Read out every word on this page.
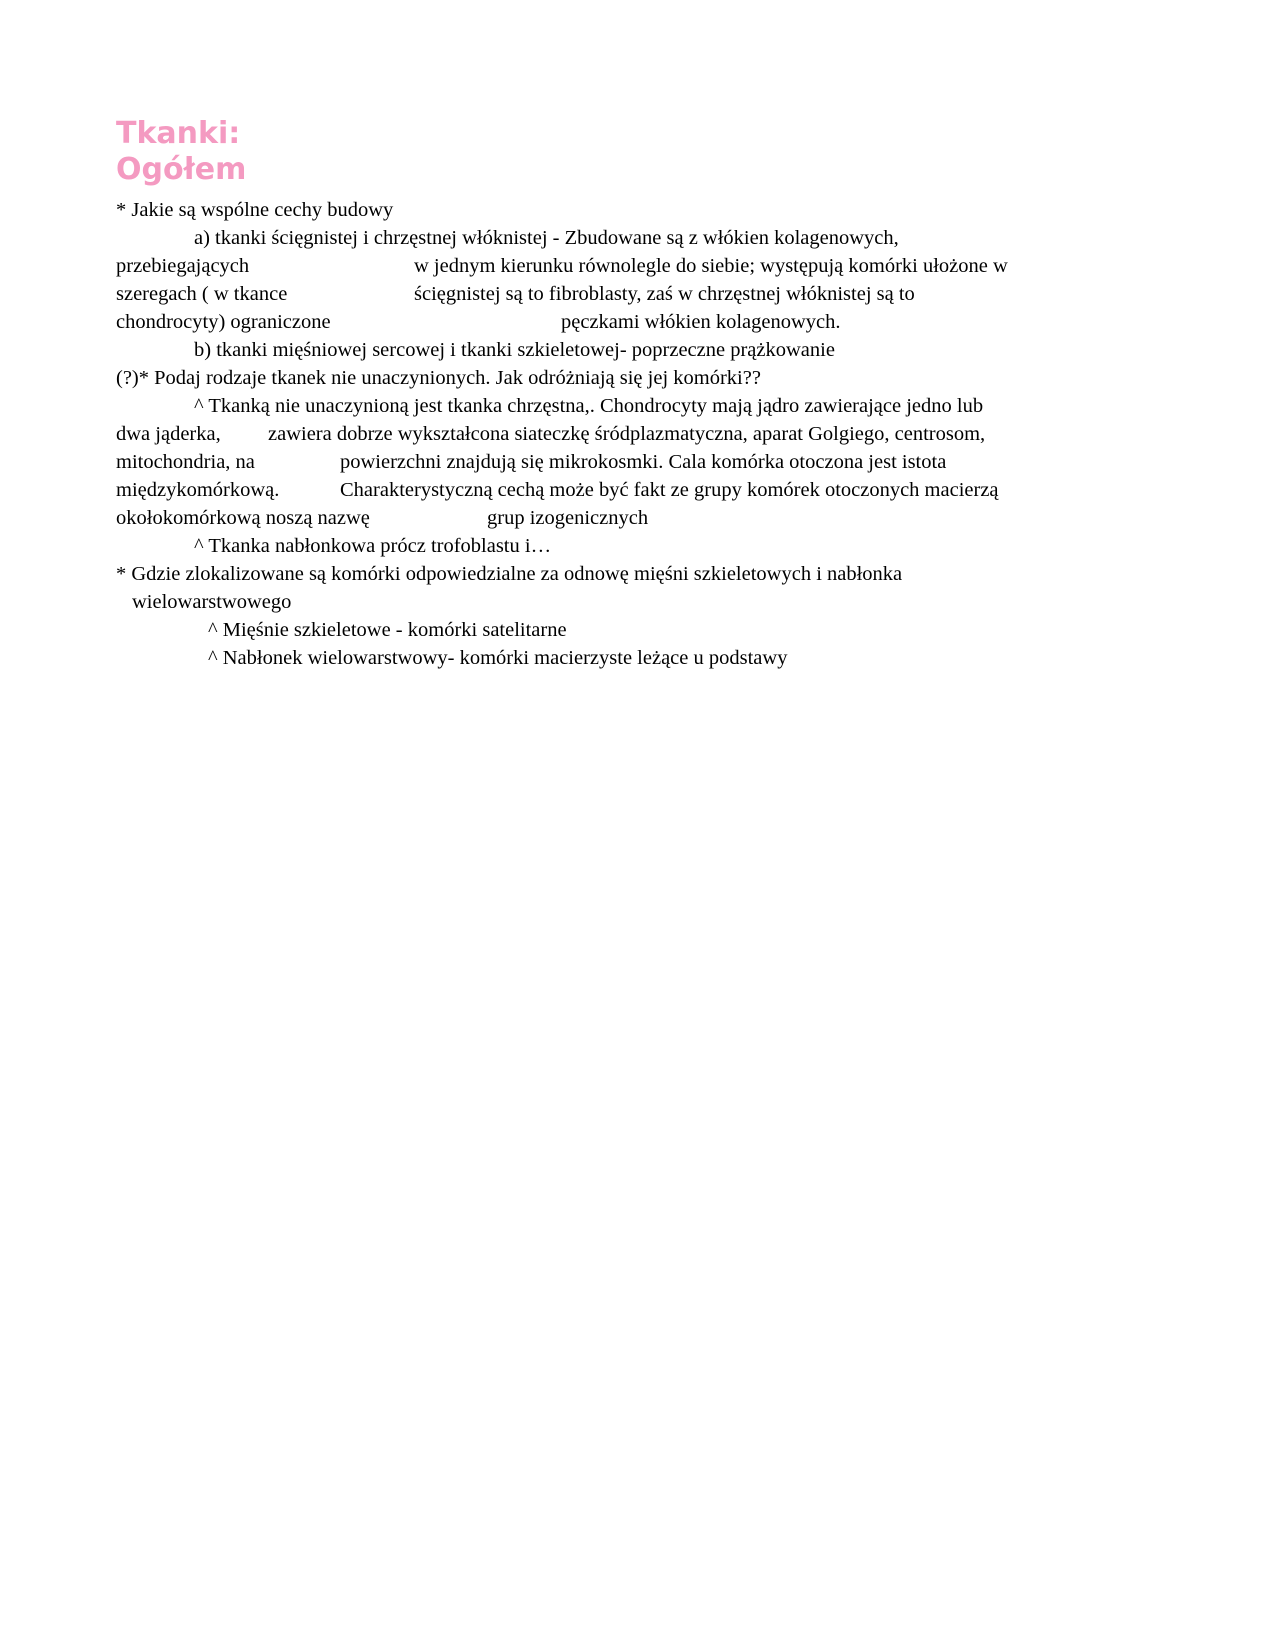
Tkanki:
Ogółem

* Jakie są wspólne cechy budowy

a) tkanki ścięgnistej i chrzęstnej włóknistej - Zbudowane są z włókien kolagenowych,

przebiegających	w jednym kierunku równolegle do siebie; występują komórki ułożone w

szeregach ( w tkance	ścięgnistej są to fibroblasty, zaś w chrzęstnej włóknistej są to

chondrocyty) ograniczone	pęczkami włókien kolagenowych.

b) tkanki mięśniowej sercowej i tkanki szkieletowej- poprzeczne prążkowanie

(?)* Podaj rodzaje tkanek nie unaczynionych. Jak odróżniają się jej komórki??

^ Tkanką nie unaczynioną jest tkanka chrzęstna,. Chondrocyty mają jądro zawierające jedno lub

dwa jąderka, zawiera dobrze wykształcona siateczkę śródplazmatyczna, aparat Golgiego, centrosom,

mitochondria, na	powierzchni znajdują się mikrokosmki. Cala komórka otoczona jest istota

międzykomórkową.	Charakterystyczną cechą może być fakt ze grupy komórek otoczonych macierzą

okołokomórkową noszą nazwę	grup izogenicznych

^ Tkanka nabłonkowa prócz trofoblastu i…

* Gdzie zlokalizowane są komórki odpowiedzialne za odnowę mięśni szkieletowych i nabłonka

wielowarstwowego

^ Mięśnie szkieletowe - komórki satelitarne

^ Nabłonek wielowarstwowy- komórki macierzyste leżące u podstawy
